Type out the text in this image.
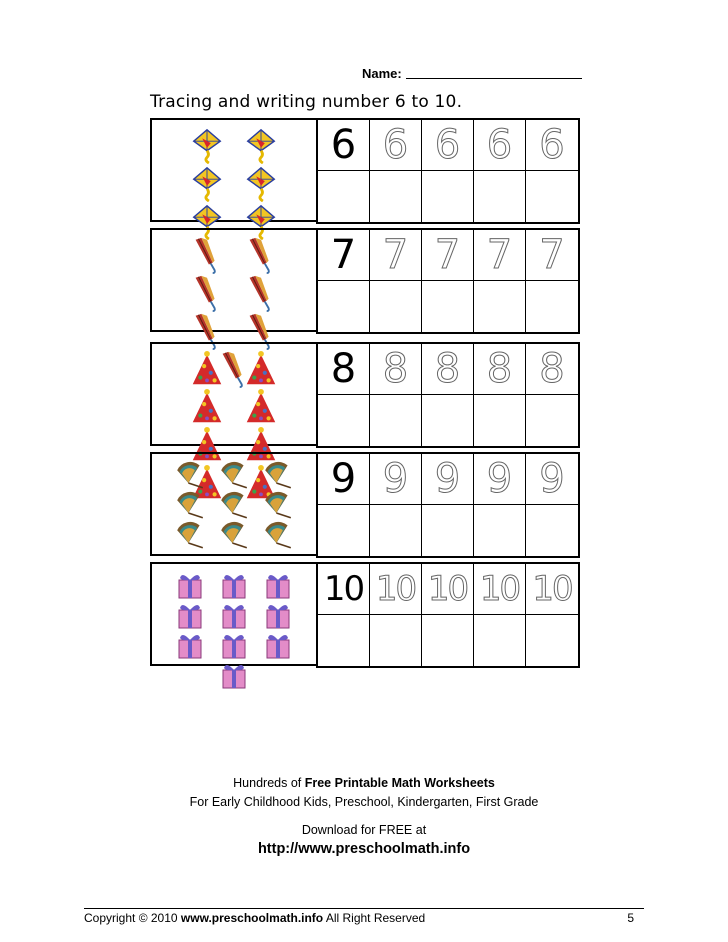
Name:
Tracing and writing number 6 to 10.
6 6 6 6 6
7 7 7 7 7
8 8 8 8 8
9 9 9 9 9
10 10 10 10 10
Hundreds of Free Printable Math Worksheets
For Early Childhood Kids, Preschool, Kindergarten, First Grade
Download for FREE at
http://www.preschoolmath.info
Copyright © 2010 www.preschoolmath.info All Right Reserved	5
